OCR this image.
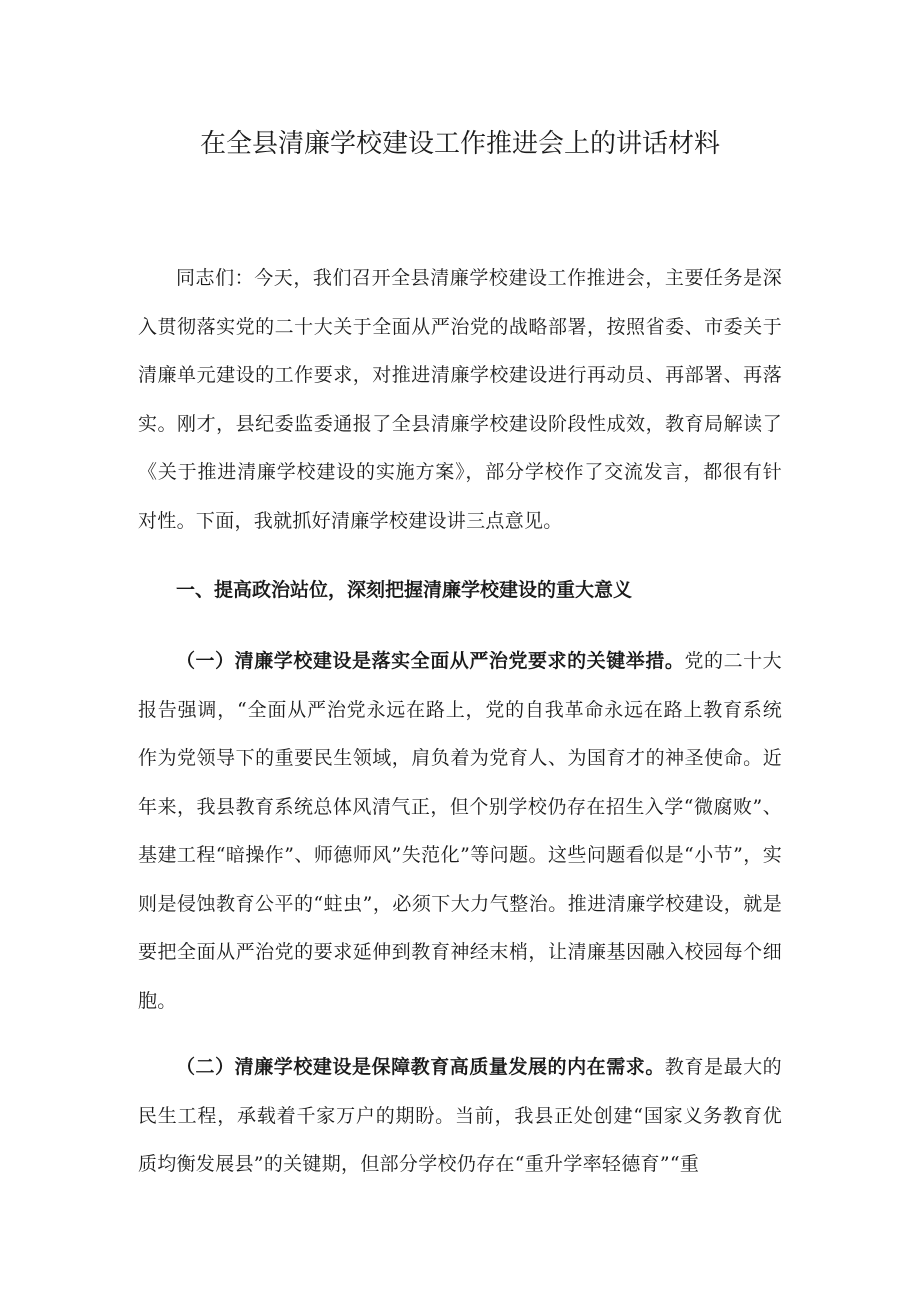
在全县清廉学校建设工作推进会上的讲话材料

同志们：今天，我们召开全县清廉学校建设工作推进会，主要任务是深入贯彻落实党的二十大关于全面从严治党的战略部署，按照省委、市委关于清廉单元建设的工作要求，对推进清廉学校建设进行再动员、再部署、再落实。刚才，县纪委监委通报了全县清廉学校建设阶段性成效，教育局解读了《关于推进清廉学校建设的实施方案》，部分学校作了交流发言，都很有针对性。下面，我就抓好清廉学校建设讲三点意见。

一、提高政治站位，深刻把握清廉学校建设的重大意义

（一）清廉学校建设是落实全面从严治党要求的关键举措。党的二十大报告强调，“全面从严治党永远在路上，党的自我革命永远在路上教育系统作为党领导下的重要民生领域，肩负着为党育人、为国育才的神圣使命。近年来，我县教育系统总体风清气正，但个别学校仍存在招生入学“微腐败”、基建工程“暗操作”、师德师风”失范化”等问题。这些问题看似是“小节”，实则是侵蚀教育公平的“蛀虫”，必须下大力气整治。推进清廉学校建设，就是要把全面从严治党的要求延伸到教育神经末梢，让清廉基因融入校园每个细胞。

（二）清廉学校建设是保障教育高质量发展的内在需求。教育是最大的民生工程，承载着千家万户的期盼。当前，我县正处创建“国家义务教育优质均衡发展县”的关键期，但部分学校仍存在“重升学率轻德育”“重
